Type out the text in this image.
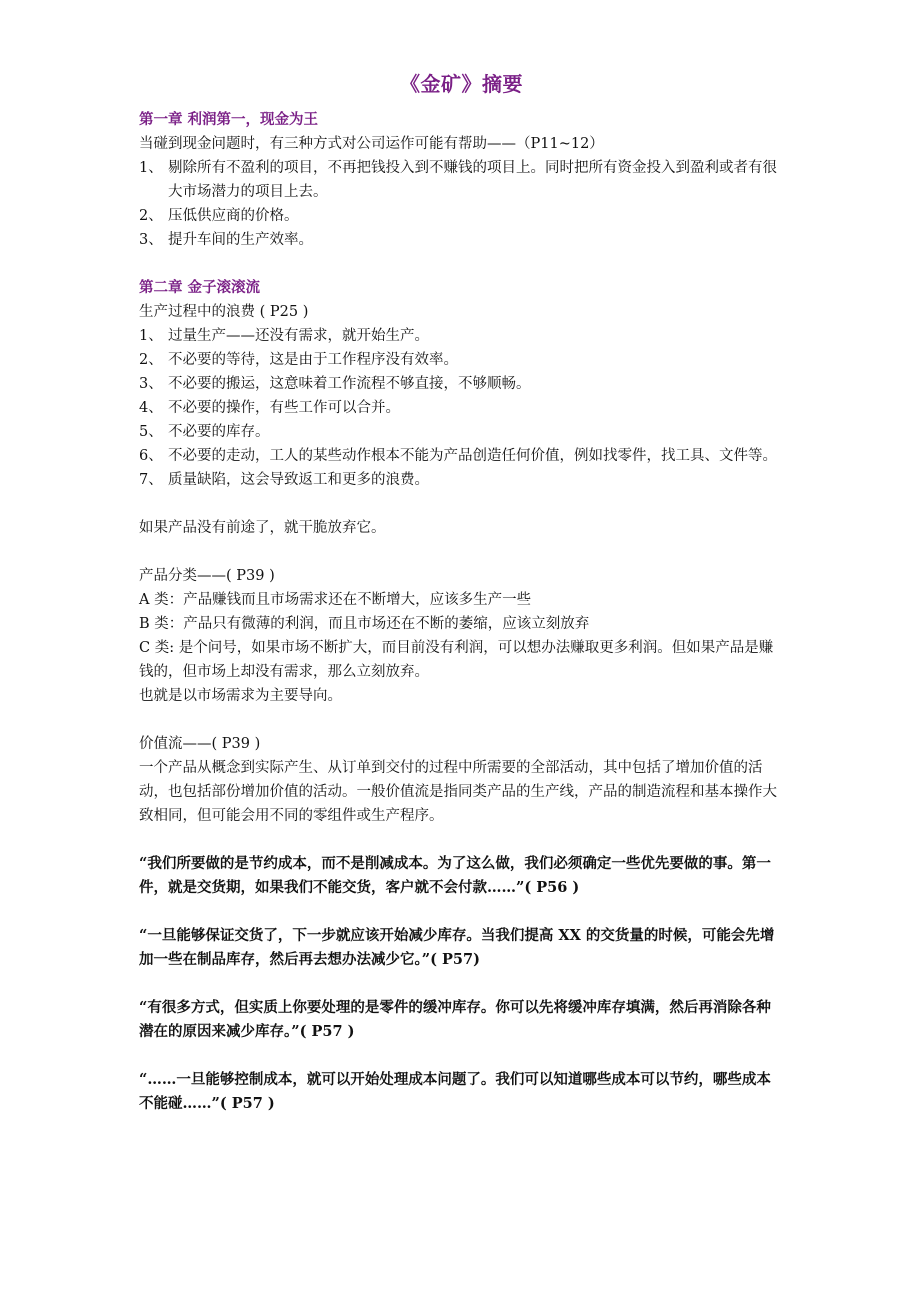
《金矿》摘要
第一章 利润第一，现金为王

当碰到现金问题时，有三种方式对公司运作可能有帮助——（P11~12）

1、 剔除所有不盈利的项目，不再把钱投入到不赚钱的项目上。同时把所有资金投入到盈利或者有很大市场潜力的项目上去。
2、 压低供应商的价格。
3、 提升车间的生产效率。
第二章 金子滚滚流

生产过程中的浪费 ( P25 )

1、 过量生产——还没有需求，就开始生产。
2、 不必要的等待，这是由于工作程序没有效率。
3、 不必要的搬运，这意味着工作流程不够直接，不够顺畅。
4、 不必要的操作，有些工作可以合并。
5、 不必要的库存。
6、 不必要的走动，工人的某些动作根本不能为产品创造任何价值，例如找零件，找工具、文件等。
7、 质量缺陷，这会导致返工和更多的浪费。

如果产品没有前途了，就干脆放弃它。

产品分类——( P39 )

A 类：产品赚钱而且市场需求还在不断增大，应该多生产一些

B 类：产品只有微薄的利润，而且市场还在不断的萎缩，应该立刻放弃

C 类: 是个问号，如果市场不断扩大，而目前没有利润，可以想办法赚取更多利润。但如果产品是赚钱的，但市场上却没有需求，那么立刻放弃。

也就是以市场需求为主要导向。

价值流——( P39 )

一个产品从概念到实际产生、从订单到交付的过程中所需要的全部活动，其中包括了增加价值的活动，也包括部份增加价值的活动。一般价值流是指同类产品的生产线，产品的制造流程和基本操作大致相同，但可能会用不同的零组件或生产程序。

“我们所要做的是节约成本，而不是削减成本。为了这么做，我们必须确定一些优先要做的事。第一件，就是交货期，如果我们不能交货，客户就不会付款……”( P56 )

“一旦能够保证交货了，下一步就应该开始减少库存。当我们提高 XX 的交货量的时候，可能会先增加一些在制品库存，然后再去想办法减少它。”( P57)

“有很多方式，但实质上你要处理的是零件的缓冲库存。你可以先将缓冲库存填满，然后再消除各种潜在的原因来减少库存。”( P57 )

“……一旦能够控制成本，就可以开始处理成本问题了。我们可以知道哪些成本可以节约，哪些成本不能碰……”( P57 )
